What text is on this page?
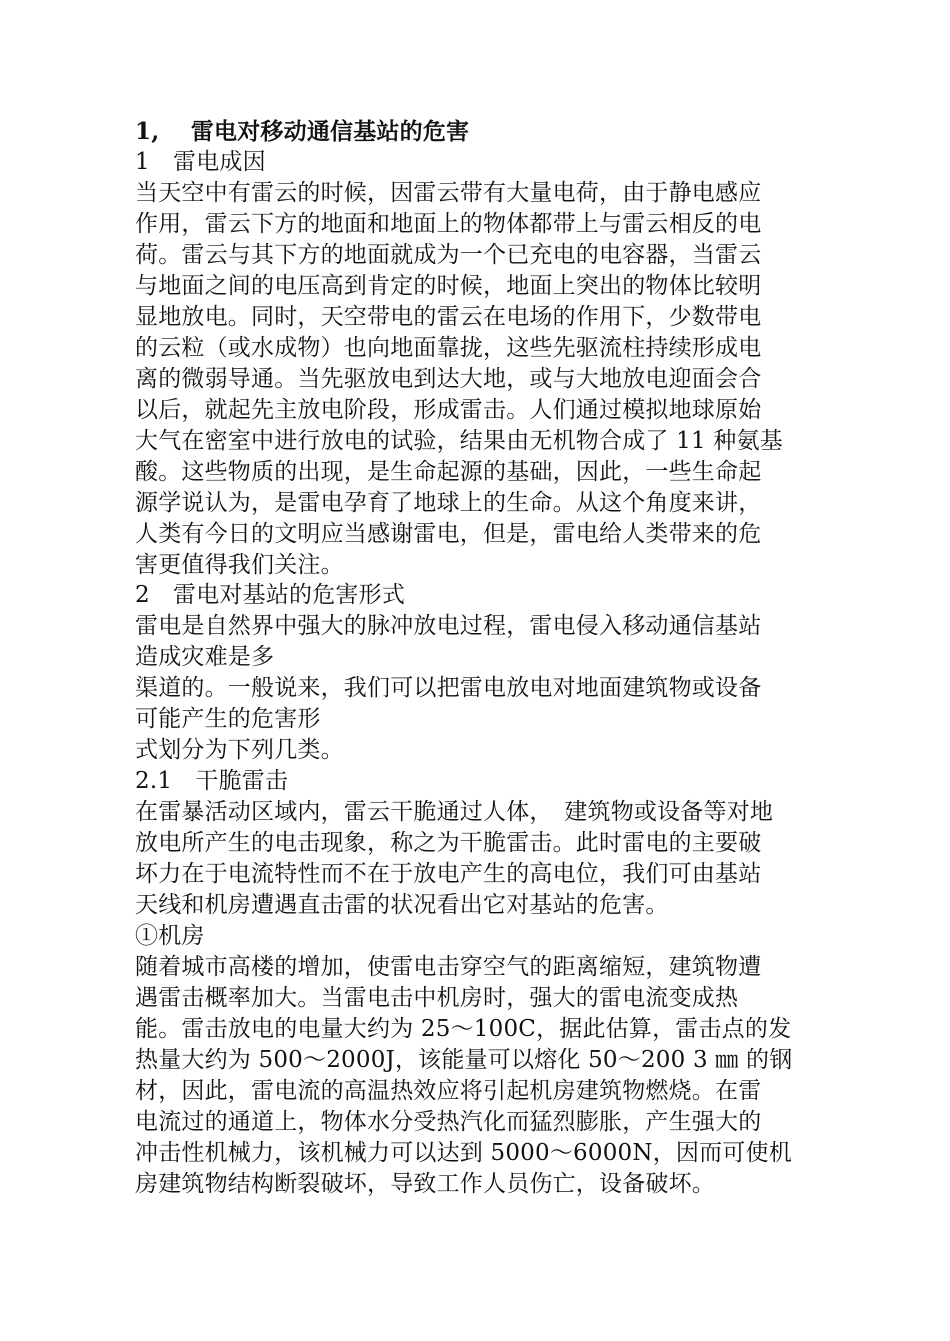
1,　 雷电对移动通信基站的危害
1　雷电成因
当天空中有雷云的时候，因雷云带有大量电荷，由于静电感应
作用，雷云下方的地面和地面上的物体都带上与雷云相反的电
荷。雷云与其下方的地面就成为一个已充电的电容器，当雷云
与地面之间的电压高到肯定的时候，地面上突出的物体比较明
显地放电。同时，天空带电的雷云在电场的作用下，少数带电
的云粒（或水成物）也向地面靠拢，这些先驱流柱持续形成电
离的微弱导通。当先驱放电到达大地，或与大地放电迎面会合
以后，就起先主放电阶段，形成雷击。人们通过模拟地球原始
大气在密室中进行放电的试验，结果由无机物合成了 11 种氨基
酸。这些物质的出现，是生命起源的基础，因此，一些生命起
源学说认为，是雷电孕育了地球上的生命。从这个角度来讲，
人类有今日的文明应当感谢雷电，但是，雷电给人类带来的危
害更值得我们关注。
2　雷电对基站的危害形式
雷电是自然界中强大的脉冲放电过程，雷电侵入移动通信基站
造成灾难是多
渠道的。一般说来，我们可以把雷电放电对地面建筑物或设备
可能产生的危害形
式划分为下列几类。
2.1　干脆雷击
在雷暴活动区域内，雷云干脆通过人体，　建筑物或设备等对地
放电所产生的电击现象，称之为干脆雷击。此时雷电的主要破
坏力在于电流特性而不在于放电产生的高电位，我们可由基站
天线和机房遭遇直击雷的状况看出它对基站的危害。
①机房
随着城市高楼的增加，使雷电击穿空气的距离缩短，建筑物遭
遇雷击概率加大。当雷电击中机房时，强大的雷电流变成热
能。雷击放电的电量大约为 25～100C，据此估算，雷击点的发
热量大约为 500～2000J，该能量可以熔化 50～200 3 ㎜ 的钢
材，因此，雷电流的高温热效应将引起机房建筑物燃烧。在雷
电流过的通道上，物体水分受热汽化而猛烈膨胀，产生强大的
冲击性机械力，该机械力可以达到 5000～6000N，因而可使机
房建筑物结构断裂破坏，导致工作人员伤亡，设备破坏。
